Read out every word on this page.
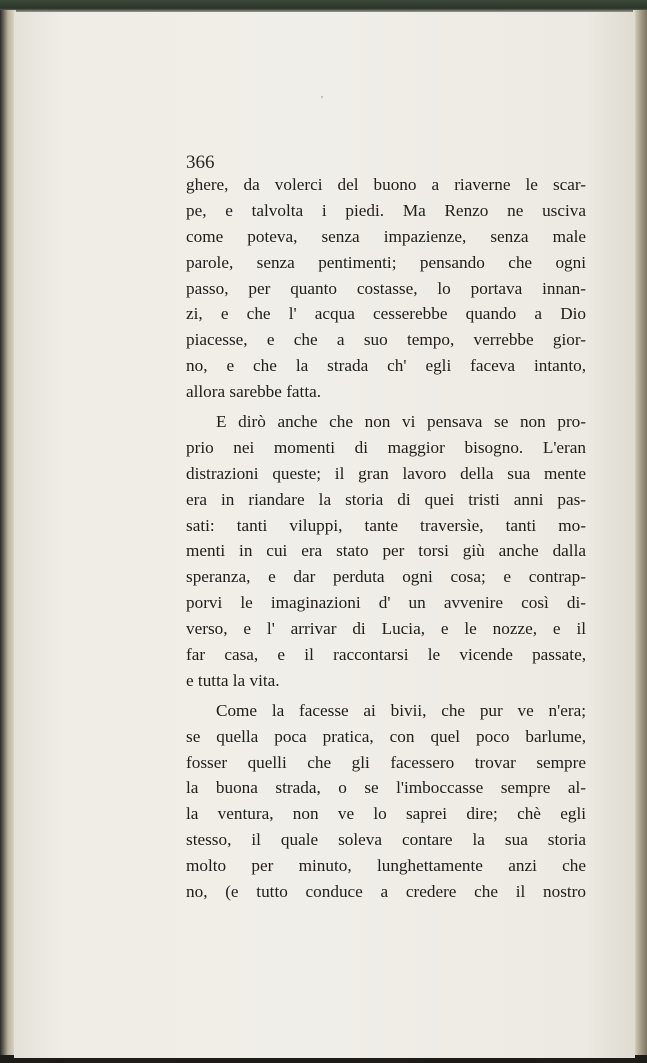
'
366
ghere, da volerci del buono a riaverne le scar-
pe, e talvolta i piedi. Ma Renzo ne usciva
come poteva, senza impazienze, senza male
parole, senza pentimenti; pensando che ogni
passo, per quanto costasse, lo portava innan-
zi, e che l' acqua cesserebbe quando a Dio
piacesse, e che a suo tempo, verrebbe gior-
no, e che la strada ch' egli faceva intanto,
allora sarebbe fatta.
E dirò anche che non vi pensava se non pro-
prio nei momenti di maggior bisogno. L'eran
distrazioni queste; il gran lavoro della sua mente
era in riandare la storia di quei tristi anni pas-
sati: tanti viluppi, tante traversìe, tanti mo-
menti in cui era stato per torsi giù anche dalla
speranza, e dar perduta ogni cosa; e contrap-
porvi le imaginazioni d' un avvenire così di-
verso, e l' arrivar di Lucia, e le nozze, e il
far casa, e il raccontarsi le vicende passate,
e tutta la vita.
Come la facesse ai bivii, che pur ve n'era;
se quella poca pratica, con quel poco barlume,
fosser quelli che gli facessero trovar sempre
la buona strada, o se l'imboccasse sempre al-
la ventura, non ve lo saprei dire; chè egli
stesso, il quale soleva contare la sua storia
molto per minuto, lunghettamente anzi che
no, (e tutto conduce a credere che il nostro
